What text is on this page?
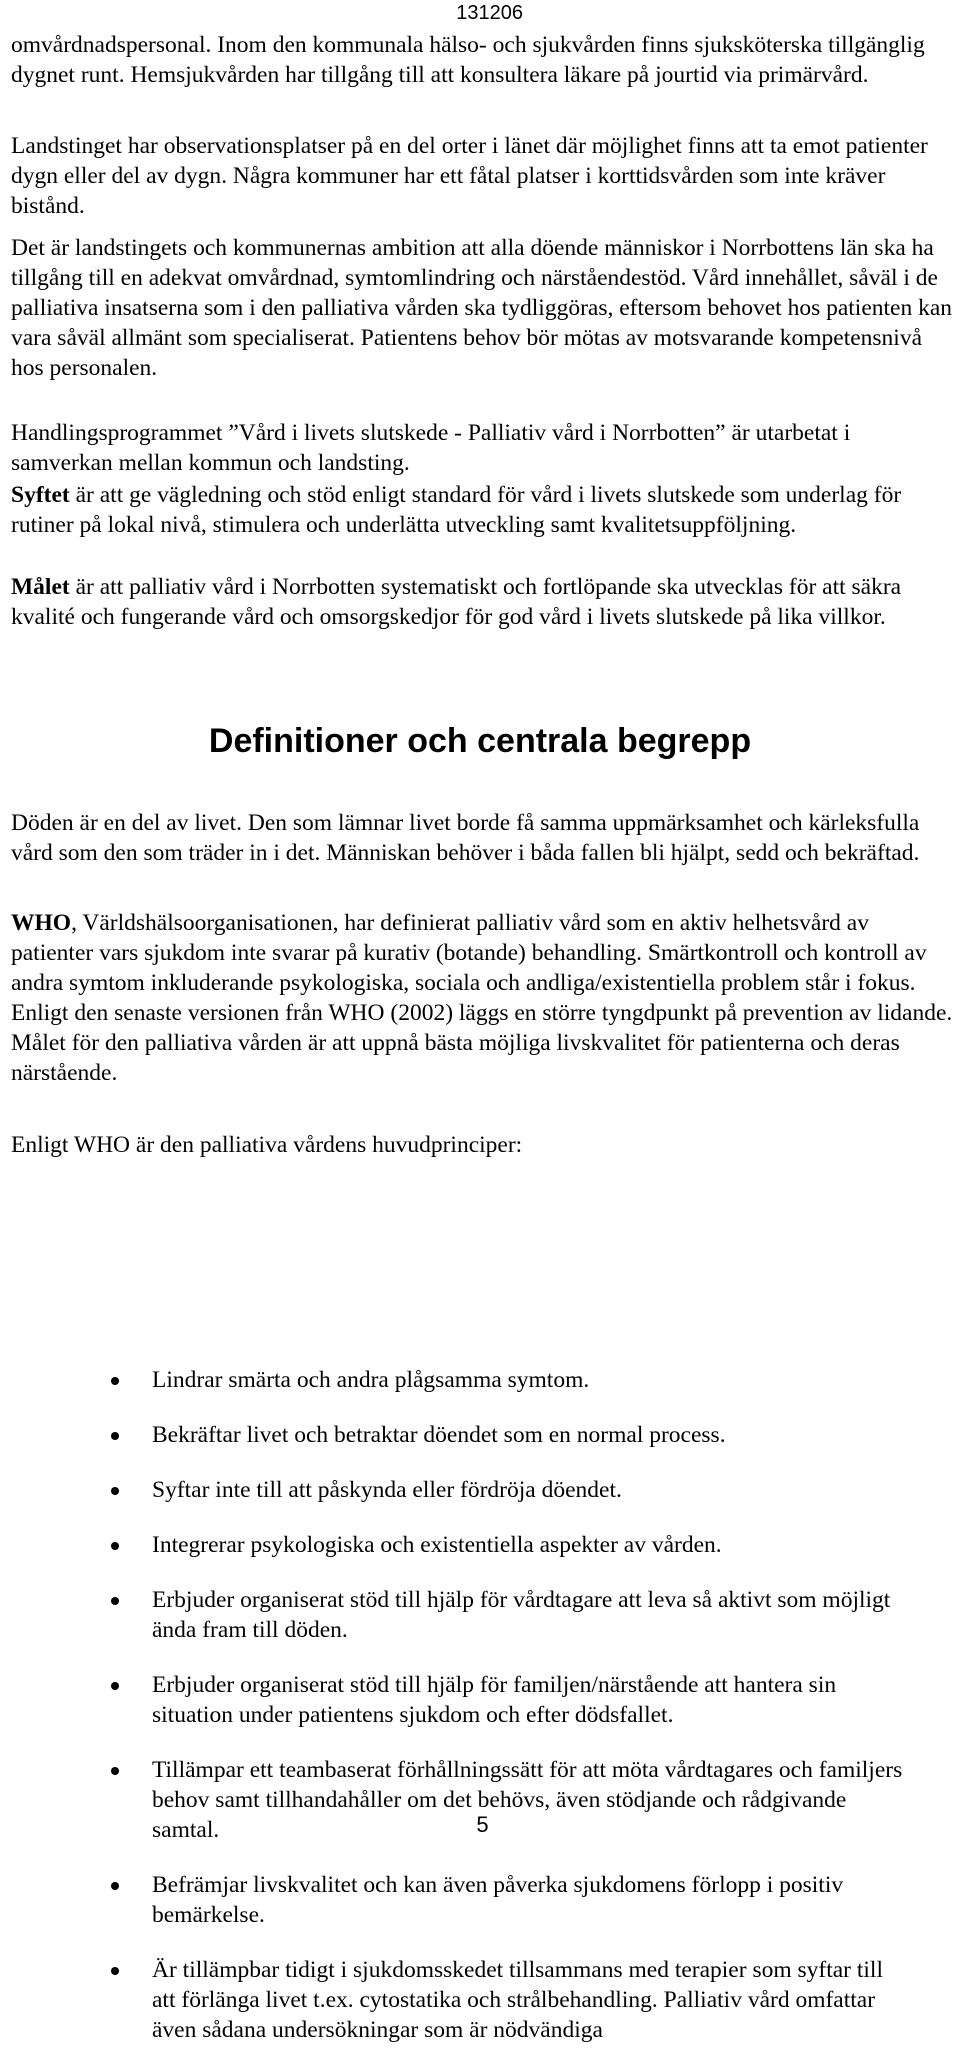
131206

omvårdnadspersonal. Inom den kommunala hälso- och sjukvården finns sjuksköterska tillgänglig dygnet runt. Hemsjukvården har tillgång till att konsultera läkare på jourtid via primärvård.

Landstinget har observationsplatser på en del orter i länet där möjlighet finns att ta emot patienter dygn eller del av dygn. Några kommuner har ett fåtal platser i korttidsvården som inte kräver bistånd.

Det är landstingets och kommunernas ambition att alla döende människor i Norrbottens län ska ha tillgång till en adekvat omvårdnad, symtomlindring och närståendestöd. Vård innehållet, såväl i de palliativa insatserna som i den palliativa vården ska tydliggöras, eftersom behovet hos patienten kan vara såväl allmänt som specialiserat. Patientens behov bör mötas av motsvarande kompetensnivå hos personalen.

Handlingsprogrammet ”Vård i livets slutskede - Palliativ vård i Norrbotten” är utarbetat i samverkan mellan kommun och landsting.

Syftet är att ge vägledning och stöd enligt standard för vård i livets slutskede som underlag för rutiner på lokal nivå, stimulera och underlätta utveckling samt kvalitetsuppföljning.

Målet är att palliativ vård i Norrbotten systematiskt och fortlöpande ska utvecklas för att säkra kvalité och fungerande vård och omsorgskedjor för god vård i livets slutskede på lika villkor.

Definitioner och centrala begrepp

Döden är en del av livet. Den som lämnar livet borde få samma uppmärksamhet och kärleksfulla vård som den som träder in i det. Människan behöver i båda fallen bli hjälpt, sedd och bekräftad.

WHO, Världshälsoorganisationen, har definierat palliativ vård som en aktiv helhetsvård av patienter vars sjukdom inte svarar på kurativ (botande) behandling. Smärtkontroll och kontroll av andra symtom inkluderande psykologiska, sociala och andliga/existentiella problem står i fokus. Enligt den senaste versionen från WHO (2002) läggs en större tyngdpunkt på prevention av lidande. Målet för den palliativa vården är att uppnå bästa möjliga livskvalitet för patienterna och deras närstående.

Enligt WHO är den palliativa vårdens huvudprinciper:

Lindrar smärta och andra plågsamma symtom.
Bekräftar livet och betraktar döendet som en normal process.
Syftar inte till att påskynda eller fördröja döendet.
Integrerar psykologiska och existentiella aspekter av vården.
Erbjuder organiserat stöd till hjälp för vårdtagare att leva så aktivt som möjligt ända fram till döden.
Erbjuder organiserat stöd till hjälp för familjen/närstående att hantera sin situation under patientens sjukdom och efter dödsfallet.
Tillämpar ett teambaserat förhållningssätt för att möta vårdtagares och familjers behov samt tillhandahåller om det behövs, även stödjande och rådgivande samtal.
Befrämjar livskvalitet och kan även påverka sjukdomens förlopp i positiv bemärkelse.
Är tillämpbar tidigt i sjukdomsskedet tillsammans med terapier som syftar till att förlänga livet t.ex. cytostatika och strålbehandling. Palliativ vård omfattar även sådana undersökningar som är nödvändiga
5
